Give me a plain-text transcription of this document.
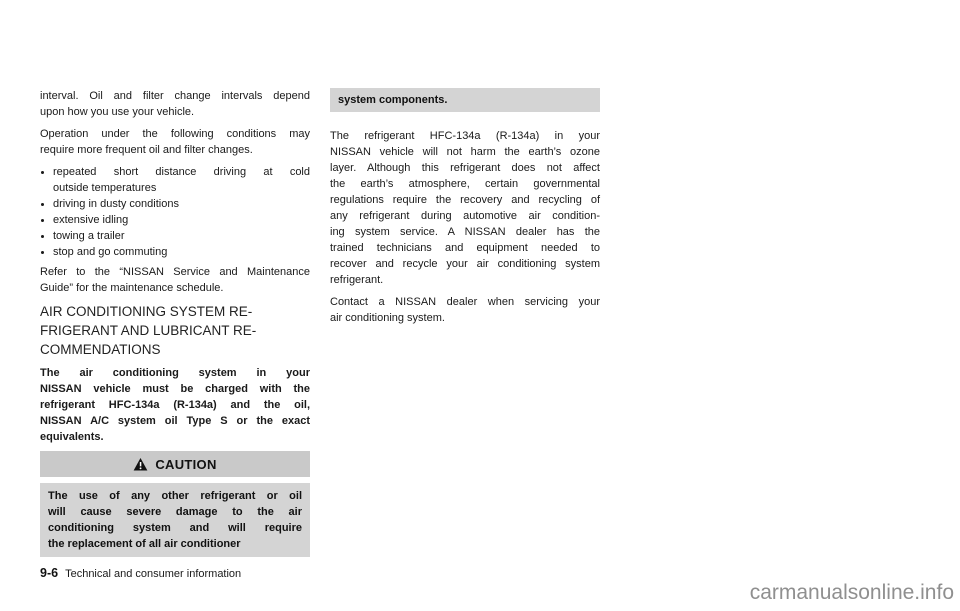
interval. Oil and filter change intervals depend
upon how you use your vehicle.
Operation under the following conditions may
require more frequent oil and filter changes.
repeated short distance driving at cold
outside temperatures
driving in dusty conditions
extensive idling
towing a trailer
stop and go commuting
Refer to the “NISSAN Service and Maintenance
Guide” for the maintenance schedule.
AIR CONDITIONING SYSTEM RE-
FRIGERANT AND LUBRICANT RE-
COMMENDATIONS
The air conditioning system in your
NISSAN vehicle must be charged with the
refrigerant HFC-134a (R-134a) and the oil,
NISSAN A/C system oil Type S or the exact
equivalents.
CAUTION
The use of any other refrigerant or oil
will cause severe damage to the air
conditioning system and will require
the replacement of all air conditioner
system components.
The refrigerant HFC-134a (R-134a) in your
NISSAN vehicle will not harm the earth’s ozone
layer. Although this refrigerant does not affect
the earth’s atmosphere, certain governmental
regulations require the recovery and recycling of
any refrigerant during automotive air condition-
ing system service. A NISSAN dealer has the
trained technicians and equipment needed to
recover and recycle your air conditioning system
refrigerant.
Contact a NISSAN dealer when servicing your
air conditioning system.
9-6 Technical and consumer information
carmanualsonline.info
